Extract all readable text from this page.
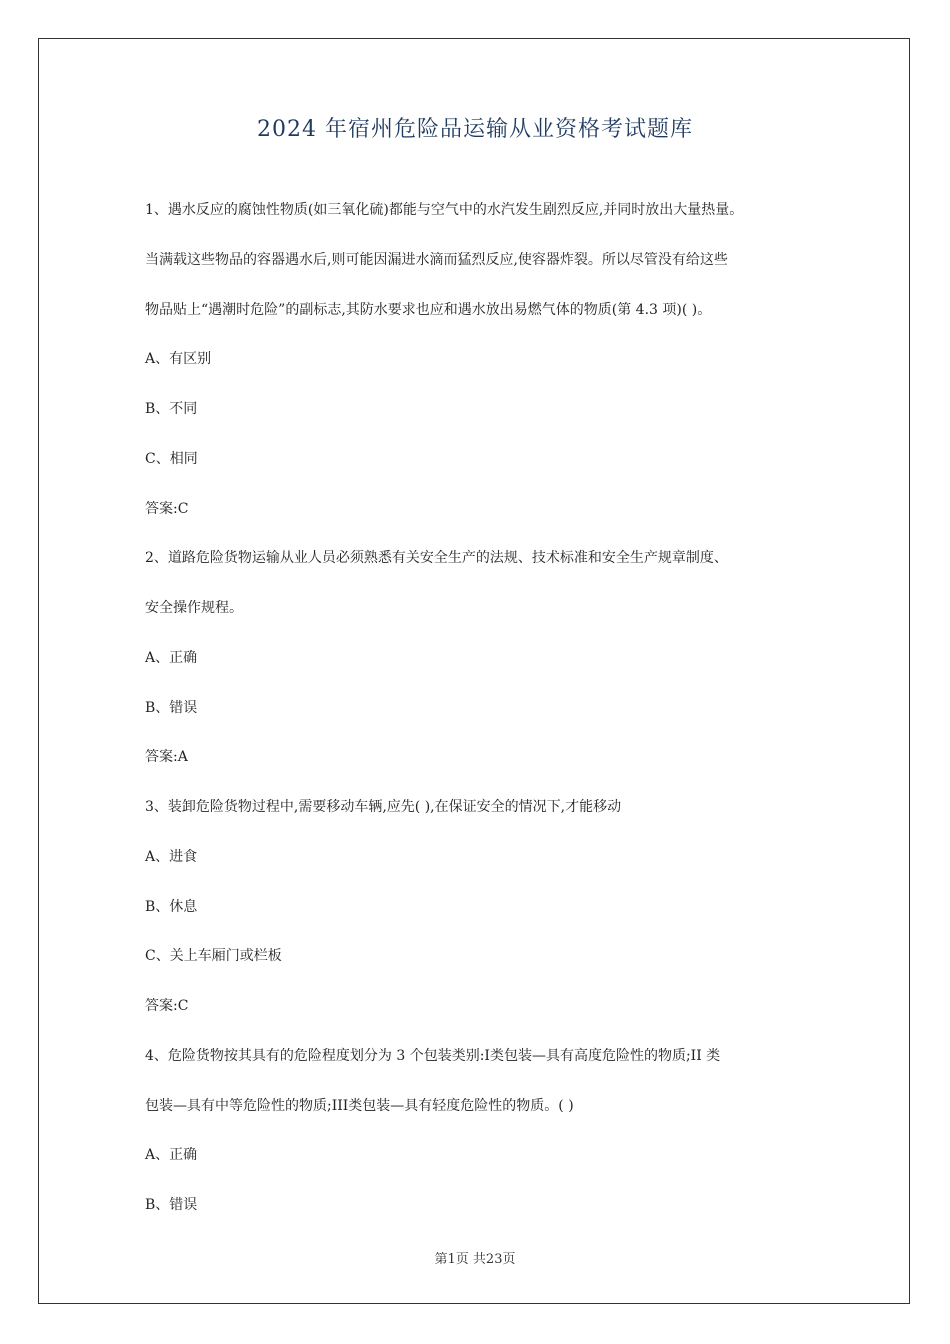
2024 年宿州危险品运输从业资格考试题库
1、遇水反应的腐蚀性物质(如三氧化硫)都能与空气中的水汽发生剧烈反应,并同时放出大量热量。
当满载这些物品的容器遇水后,则可能因漏进水滴而猛烈反应,使容器炸裂。所以尽管没有给这些
物品贴上“遇潮时危险”的副标志,其防水要求也应和遇水放出易燃气体的物质(第 4.3 项)( )。
A、有区别
B、不同
C、相同
答案:C
2、道路危险货物运输从业人员必须熟悉有关安全生产的法规、技术标准和安全生产规章制度、
安全操作规程。
A、正确
B、错误
答案:A
3、装卸危险货物过程中,需要移动车辆,应先( ),在保证安全的情况下,才能移动
A、进食
B、休息
C、关上车厢门或栏板
答案:C
4、危险货物按其具有的危险程度划分为 3 个包装类别:I类包装—具有高度危险性的物质;II 类
包装—具有中等危险性的物质;III类包装—具有轻度危险性的物质。( )
A、正确
B、错误
第1页 共23页
